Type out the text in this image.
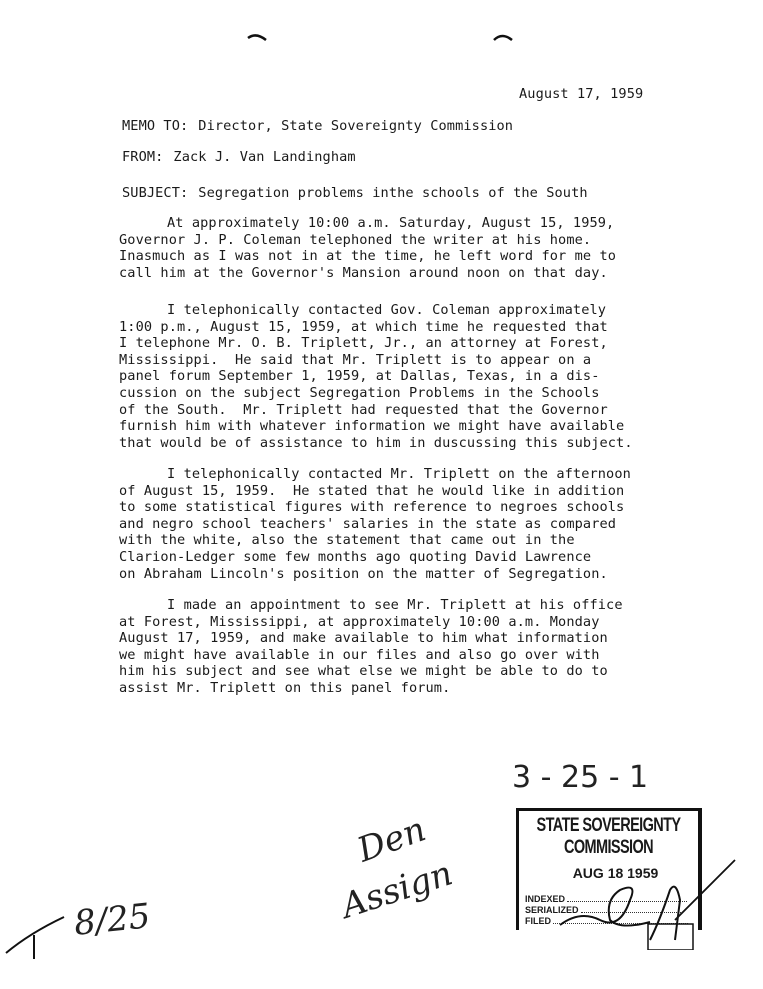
August 17, 1959
MEMO TO: Director, State Sovereignty Commission
FROM: Zack J. Van Landingham
SUBJECT: Segregation problems inthe schools of the South
At approximately 10:00 a.m. Saturday, August 15, 1959,
Governor J. P. Coleman telephoned the writer at his home.
Inasmuch as I was not in at the time, he left word for me to
call him at the Governor's Mansion around noon on that day.
I telephonically contacted Gov. Coleman approximately
1:00 p.m., August 15, 1959, at which time he requested that
I telephone Mr. O. B. Triplett, Jr., an attorney at Forest,
Mississippi.  He said that Mr. Triplett is to appear on a
panel forum September 1, 1959, at Dallas, Texas, in a dis-
cussion on the subject Segregation Problems in the Schools
of the South.  Mr. Triplett had requested that the Governor
furnish him with whatever information we might have available
that would be of assistance to him in duscussing this subject.
I telephonically contacted Mr. Triplett on the afternoon
of August 15, 1959.  He stated that he would like in addition
to some statistical figures with reference to negroes schools
and negro school teachers' salaries in the state as compared
with the white, also the statement that came out in the
Clarion-Ledger some few months ago quoting David Lawrence
on Abraham Lincoln's position on the matter of Segregation.
I made an appointment to see Mr. Triplett at his office
at Forest, Mississippi, at approximately 10:00 a.m. Monday
August 17, 1959, and make available to him what information
we might have available in our files and also go over with
him his subject and see what else we might be able to do to
assist Mr. Triplett on this panel forum.
3 - 25 - 1
Den
Assign
8/25
STATE SOVEREIGNTY COMMISSION
AUG 18 1959
INDEXED
SERIALIZED
FILED
